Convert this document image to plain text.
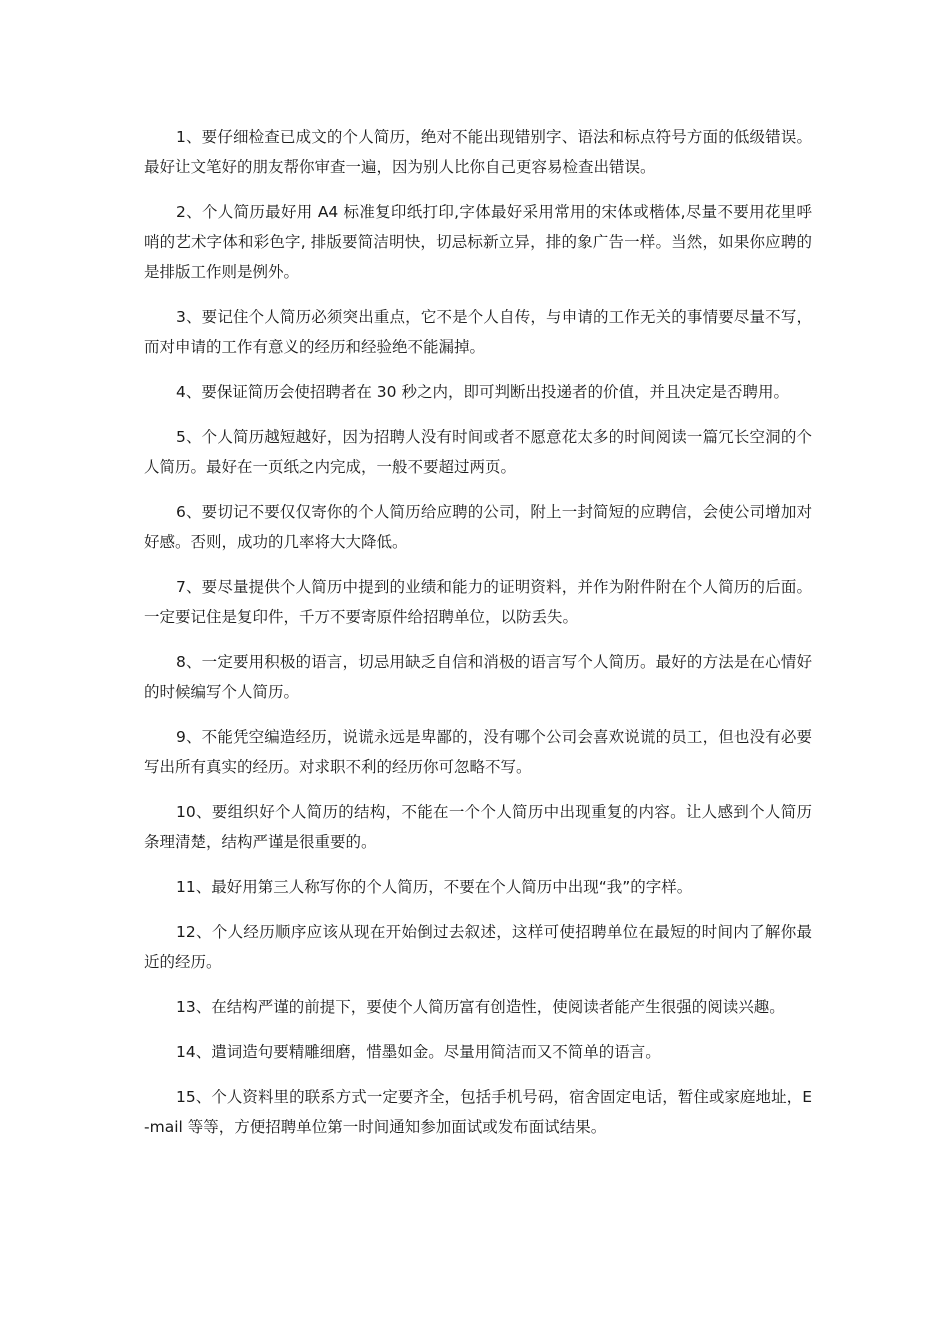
1、要仔细检查已成文的个人简历，绝对不能出现错别字、语法和标点符号方面的低级错误。最好让文笔好的朋友帮你审查一遍，因为别人比你自己更容易检查出错误。

2、个人简历最好用 A4 标准复印纸打印,字体最好采用常用的宋体或楷体,尽量不要用花里呼哨的艺术字体和彩色字, 排版要简洁明快，切忌标新立异，排的象广告一样。当然，如果你应聘的是排版工作则是例外。

3、要记住个人简历必须突出重点，它不是个人自传，与申请的工作无关的事情要尽量不写，而对申请的工作有意义的经历和经验绝不能漏掉。

4、要保证简历会使招聘者在 30 秒之内，即可判断出投递者的价值，并且决定是否聘用。

5、个人简历越短越好，因为招聘人没有时间或者不愿意花太多的时间阅读一篇冗长空洞的个人简历。最好在一页纸之内完成，一般不要超过两页。

6、要切记不要仅仅寄你的个人简历给应聘的公司，附上一封简短的应聘信，会使公司增加对好感。否则，成功的几率将大大降低。

7、要尽量提供个人简历中提到的业绩和能力的证明资料，并作为附件附在个人简历的后面。一定要记住是复印件，千万不要寄原件给招聘单位，以防丢失。

8、一定要用积极的语言，切忌用缺乏自信和消极的语言写个人简历。最好的方法是在心情好的时候编写个人简历。

9、不能凭空编造经历，说谎永远是卑鄙的，没有哪个公司会喜欢说谎的员工，但也没有必要写出所有真实的经历。对求职不利的经历你可忽略不写。

10、要组织好个人简历的结构，不能在一个个人简历中出现重复的内容。让人感到个人简历条理清楚，结构严谨是很重要的。

11、最好用第三人称写你的个人简历，不要在个人简历中出现“我”的字样。

12、个人经历顺序应该从现在开始倒过去叙述，这样可使招聘单位在最短的时间内了解你最近的经历。

13、在结构严谨的前提下，要使个人简历富有创造性，使阅读者能产生很强的阅读兴趣。

14、遣词造句要精雕细磨，惜墨如金。尽量用简洁而又不简单的语言。

15、个人资料里的联系方式一定要齐全，包括手机号码，宿舍固定电话，暂住或家庭地址，E-mail 等等，方便招聘单位第一时间通知参加面试或发布面试结果。
